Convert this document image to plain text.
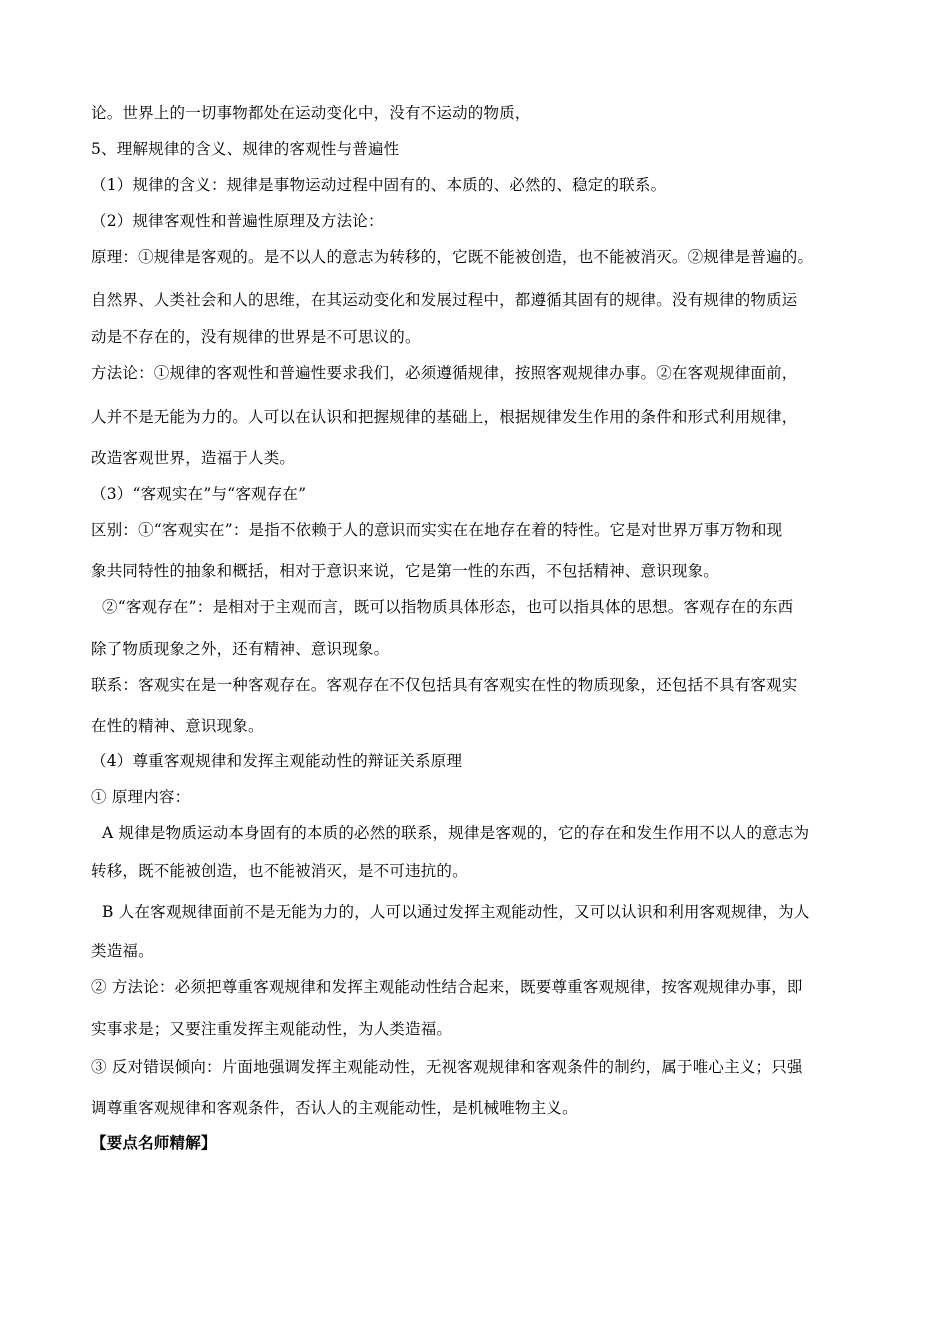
论。世界上的一切事物都处在运动变化中，没有不运动的物质，
5、理解规律的含义、规律的客观性与普遍性
（1）规律的含义：规律是事物运动过程中固有的、本质的、必然的、稳定的联系。
（2）规律客观性和普遍性原理及方法论：
原理：①规律是客观的。是不以人的意志为转移的，它既不能被创造，也不能被消灭。②规律是普遍的。
自然界、人类社会和人的思维，在其运动变化和发展过程中，都遵循其固有的规律。没有规律的物质运
动是不存在的，没有规律的世界是不可思议的。
方法论：①规律的客观性和普遍性要求我们，必须遵循规律，按照客观规律办事。②在客观规律面前，
人并不是无能为力的。人可以在认识和把握规律的基础上，根据规律发生作用的条件和形式利用规律，
改造客观世界，造福于人类。
（3）“客观实在”与“客观存在”
区别：①“客观实在”：是指不依赖于人的意识而实实在在地存在着的特性。它是对世界万事万物和现
象共同特性的抽象和概括，相对于意识来说，它是第一性的东西，不包括精神、意识现象。
②“客观存在”：是相对于主观而言，既可以指物质具体形态，也可以指具体的思想。客观存在的东西
除了物质现象之外，还有精神、意识现象。
联系：客观实在是一种客观存在。客观存在不仅包括具有客观实在性的物质现象，还包括不具有客观实
在性的精神、意识现象。
（4）尊重客观规律和发挥主观能动性的辩证关系原理
① 原理内容：
A 规律是物质运动本身固有的本质的必然的联系，规律是客观的，它的存在和发生作用不以人的意志为
转移，既不能被创造，也不能被消灭，是不可违抗的。
B 人在客观规律面前不是无能为力的，人可以通过发挥主观能动性，又可以认识和利用客观规律，为人
类造福。
② 方法论：必须把尊重客观规律和发挥主观能动性结合起来，既要尊重客观规律，按客观规律办事，即
实事求是；又要注重发挥主观能动性，为人类造福。
③ 反对错误倾向：片面地强调发挥主观能动性，无视客观规律和客观条件的制约，属于唯心主义；只强
调尊重客观规律和客观条件，否认人的主观能动性，是机械唯物主义。
【要点名师精解】
